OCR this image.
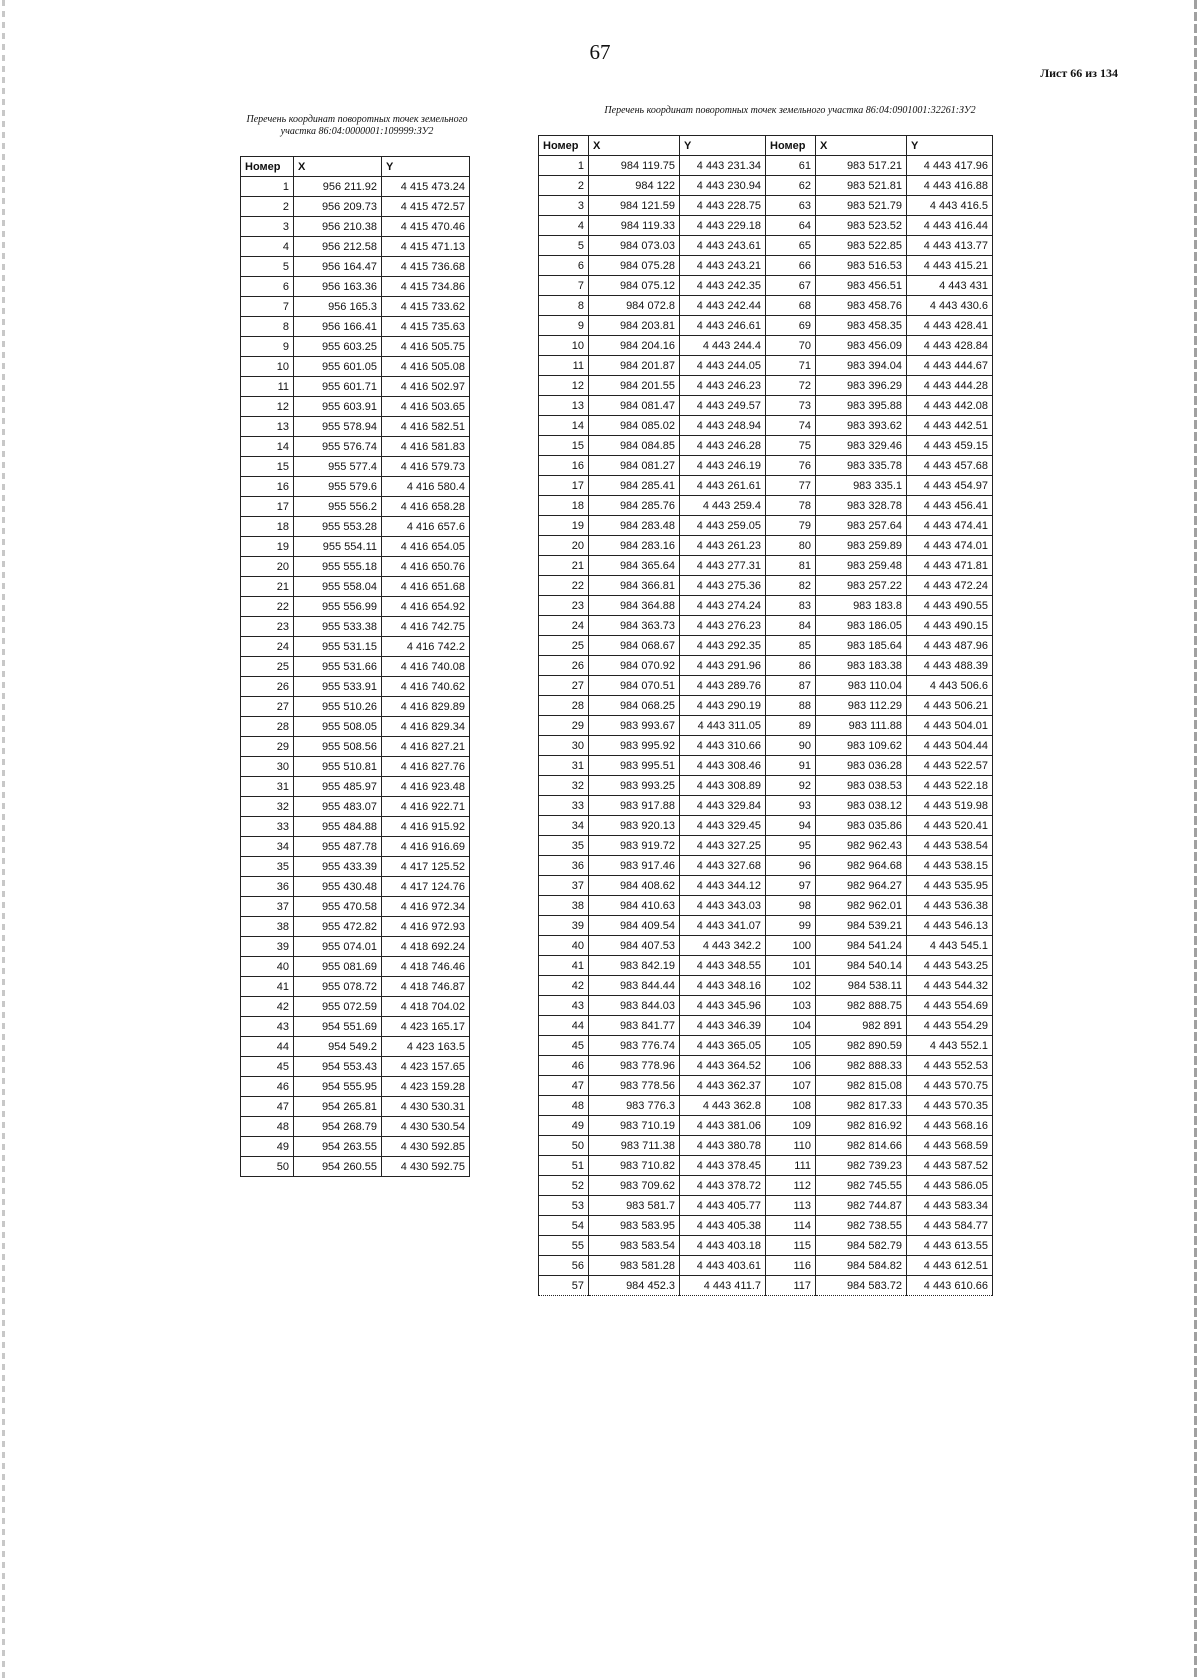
67
Лист 66 из 134
Перечень координат поворотных точек земельного участка 86:04:0000001:109999:ЗУ2
Перечень координат поворотных точек земельного участка 86:04:0901001:32261:ЗУ2
Номер	X	Y
1	956 211.92	4 415 473.24
2	956 209.73	4 415 472.57
3	956 210.38	4 415 470.46
4	956 212.58	4 415 471.13
5	956 164.47	4 415 736.68
6	956 163.36	4 415 734.86
7	956 165.3	4 415 733.62
8	956 166.41	4 415 735.63
9	955 603.25	4 416 505.75
10	955 601.05	4 416 505.08
11	955 601.71	4 416 502.97
12	955 603.91	4 416 503.65
13	955 578.94	4 416 582.51
14	955 576.74	4 416 581.83
15	955 577.4	4 416 579.73
16	955 579.6	4 416 580.4
17	955 556.2	4 416 658.28
18	955 553.28	4 416 657.6
19	955 554.11	4 416 654.05
20	955 555.18	4 416 650.76
21	955 558.04	4 416 651.68
22	955 556.99	4 416 654.92
23	955 533.38	4 416 742.75
24	955 531.15	4 416 742.2
25	955 531.66	4 416 740.08
26	955 533.91	4 416 740.62
27	955 510.26	4 416 829.89
28	955 508.05	4 416 829.34
29	955 508.56	4 416 827.21
30	955 510.81	4 416 827.76
31	955 485.97	4 416 923.48
32	955 483.07	4 416 922.71
33	955 484.88	4 416 915.92
34	955 487.78	4 416 916.69
35	955 433.39	4 417 125.52
36	955 430.48	4 417 124.76
37	955 470.58	4 416 972.34
38	955 472.82	4 416 972.93
39	955 074.01	4 418 692.24
40	955 081.69	4 418 746.46
41	955 078.72	4 418 746.87
42	955 072.59	4 418 704.02
43	954 551.69	4 423 165.17
44	954 549.2	4 423 163.5
45	954 553.43	4 423 157.65
46	954 555.95	4 423 159.28
47	954 265.81	4 430 530.31
48	954 268.79	4 430 530.54
49	954 263.55	4 430 592.85
50	954 260.55	4 430 592.75
Номер	X	Y	Номер	X	Y
1	984 119.75	4 443 231.34	61	983 517.21	4 443 417.96
2	984 122	4 443 230.94	62	983 521.81	4 443 416.88
3	984 121.59	4 443 228.75	63	983 521.79	4 443 416.5
4	984 119.33	4 443 229.18	64	983 523.52	4 443 416.44
5	984 073.03	4 443 243.61	65	983 522.85	4 443 413.77
6	984 075.28	4 443 243.21	66	983 516.53	4 443 415.21
7	984 075.12	4 443 242.35	67	983 456.51	4 443 431
8	984 072.8	4 443 242.44	68	983 458.76	4 443 430.6
9	984 203.81	4 443 246.61	69	983 458.35	4 443 428.41
10	984 204.16	4 443 244.4	70	983 456.09	4 443 428.84
11	984 201.87	4 443 244.05	71	983 394.04	4 443 444.67
12	984 201.55	4 443 246.23	72	983 396.29	4 443 444.28
13	984 081.47	4 443 249.57	73	983 395.88	4 443 442.08
14	984 085.02	4 443 248.94	74	983 393.62	4 443 442.51
15	984 084.85	4 443 246.28	75	983 329.46	4 443 459.15
16	984 081.27	4 443 246.19	76	983 335.78	4 443 457.68
17	984 285.41	4 443 261.61	77	983 335.1	4 443 454.97
18	984 285.76	4 443 259.4	78	983 328.78	4 443 456.41
19	984 283.48	4 443 259.05	79	983 257.64	4 443 474.41
20	984 283.16	4 443 261.23	80	983 259.89	4 443 474.01
21	984 365.64	4 443 277.31	81	983 259.48	4 443 471.81
22	984 366.81	4 443 275.36	82	983 257.22	4 443 472.24
23	984 364.88	4 443 274.24	83	983 183.8	4 443 490.55
24	984 363.73	4 443 276.23	84	983 186.05	4 443 490.15
25	984 068.67	4 443 292.35	85	983 185.64	4 443 487.96
26	984 070.92	4 443 291.96	86	983 183.38	4 443 488.39
27	984 070.51	4 443 289.76	87	983 110.04	4 443 506.6
28	984 068.25	4 443 290.19	88	983 112.29	4 443 506.21
29	983 993.67	4 443 311.05	89	983 111.88	4 443 504.01
30	983 995.92	4 443 310.66	90	983 109.62	4 443 504.44
31	983 995.51	4 443 308.46	91	983 036.28	4 443 522.57
32	983 993.25	4 443 308.89	92	983 038.53	4 443 522.18
33	983 917.88	4 443 329.84	93	983 038.12	4 443 519.98
34	983 920.13	4 443 329.45	94	983 035.86	4 443 520.41
35	983 919.72	4 443 327.25	95	982 962.43	4 443 538.54
36	983 917.46	4 443 327.68	96	982 964.68	4 443 538.15
37	984 408.62	4 443 344.12	97	982 964.27	4 443 535.95
38	984 410.63	4 443 343.03	98	982 962.01	4 443 536.38
39	984 409.54	4 443 341.07	99	984 539.21	4 443 546.13
40	984 407.53	4 443 342.2	100	984 541.24	4 443 545.1
41	983 842.19	4 443 348.55	101	984 540.14	4 443 543.25
42	983 844.44	4 443 348.16	102	984 538.11	4 443 544.32
43	983 844.03	4 443 345.96	103	982 888.75	4 443 554.69
44	983 841.77	4 443 346.39	104	982 891	4 443 554.29
45	983 776.74	4 443 365.05	105	982 890.59	4 443 552.1
46	983 778.96	4 443 364.52	106	982 888.33	4 443 552.53
47	983 778.56	4 443 362.37	107	982 815.08	4 443 570.75
48	983 776.3	4 443 362.8	108	982 817.33	4 443 570.35
49	983 710.19	4 443 381.06	109	982 816.92	4 443 568.16
50	983 711.38	4 443 380.78	110	982 814.66	4 443 568.59
51	983 710.82	4 443 378.45	111	982 739.23	4 443 587.52
52	983 709.62	4 443 378.72	112	982 745.55	4 443 586.05
53	983 581.7	4 443 405.77	113	982 744.87	4 443 583.34
54	983 583.95	4 443 405.38	114	982 738.55	4 443 584.77
55	983 583.54	4 443 403.18	115	984 582.79	4 443 613.55
56	983 581.28	4 443 403.61	116	984 584.82	4 443 612.51
57	984 452.3	4 443 411.7	117	984 583.72	4 443 610.66
